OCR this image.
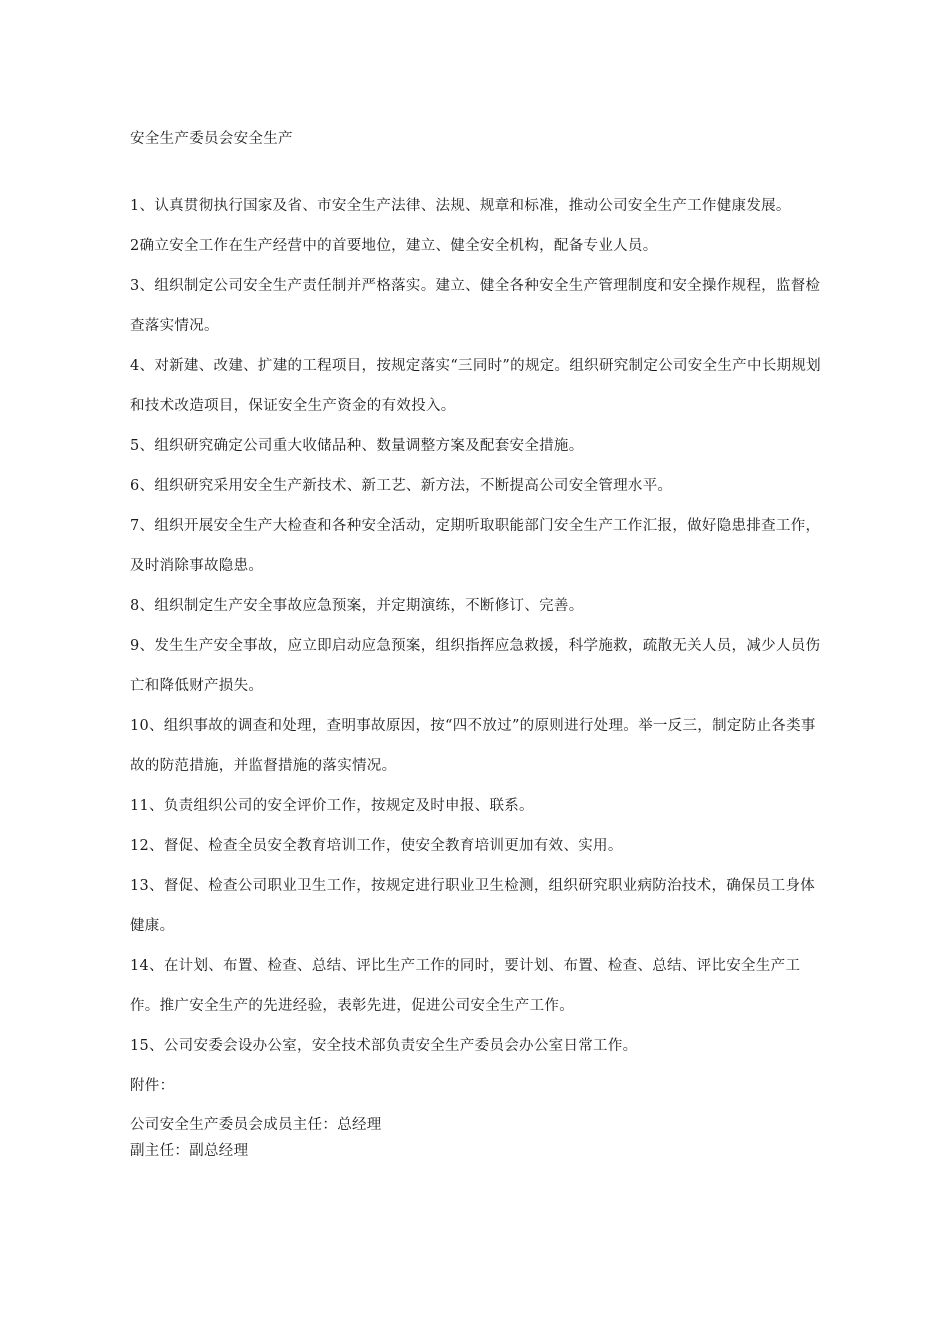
安全生产委员会安全生产

1、认真贯彻执行国家及省、市安全生产法律、法规、规章和标准，推动公司安全生产工作健康发展。

2确立安全工作在生产经营中的首要地位，建立、健全安全机构，配备专业人员。

3、组织制定公司安全生产责任制并严格落实。建立、健全各种安全生产管理制度和安全操作规程，监督检查落实情况。

4、对新建、改建、扩建的工程项目，按规定落实“三同时”的规定。组织研究制定公司安全生产中长期规划和技术改造项目，保证安全生产资金的有效投入。

5、组织研究确定公司重大收储品种、数量调整方案及配套安全措施。

6、组织研究采用安全生产新技术、新工艺、新方法，不断提高公司安全管理水平。

7、组织开展安全生产大检查和各种安全活动，定期听取职能部门安全生产工作汇报，做好隐患排查工作，及时消除事故隐患。

8、组织制定生产安全事故应急预案，并定期演练，不断修订、完善。

9、发生生产安全事故，应立即启动应急预案，组织指挥应急救援，科学施救，疏散无关人员，减少人员伤亡和降低财产损失。

10、组织事故的调查和处理，查明事故原因，按“四不放过”的原则进行处理。举一反三，制定防止各类事故的防范措施，并监督措施的落实情况。

11、负责组织公司的安全评价工作，按规定及时申报、联系。

12、督促、检查全员安全教育培训工作，使安全教育培训更加有效、实用。

13、督促、检查公司职业卫生工作，按规定进行职业卫生检测，组织研究职业病防治技术，确保员工身体健康。

14、在计划、布置、检查、总结、评比生产工作的同时，要计划、布置、检查、总结、评比安全生产工作。推广安全生产的先进经验，表彰先进，促进公司安全生产工作。

15、公司安委会设办公室，安全技术部负责安全生产委员会办公室日常工作。

附件：

公司安全生产委员会成员主任：总经理

副主任：副总经理
